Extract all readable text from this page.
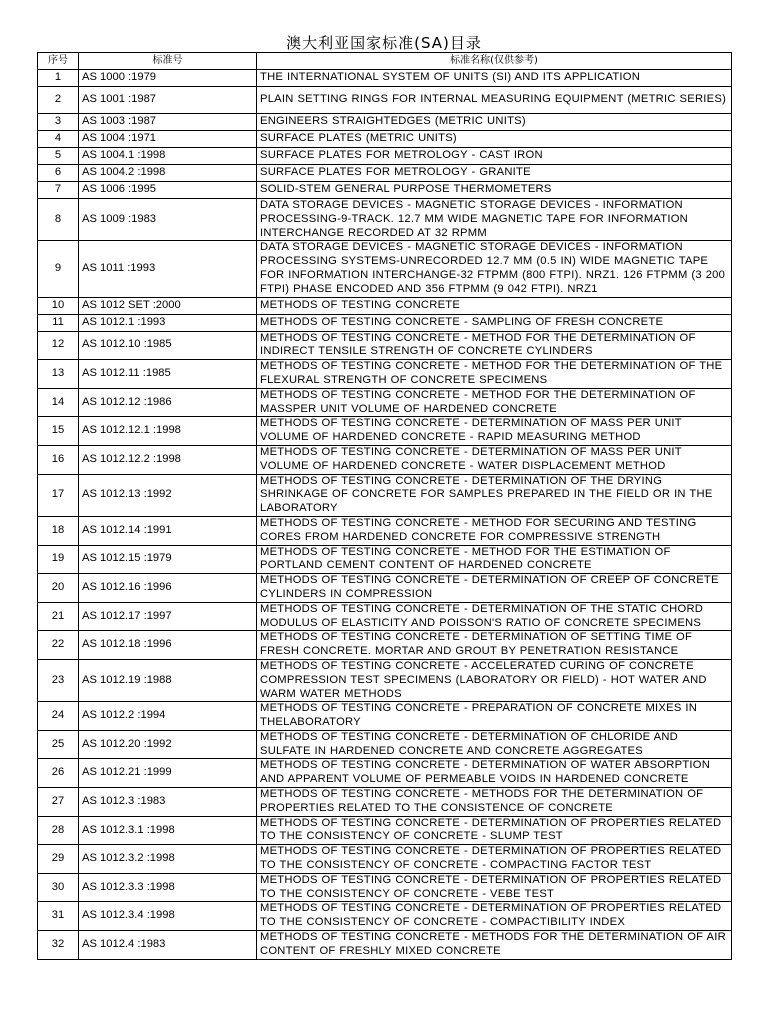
澳大利亚国家标准(SA)目录
序号	标准号	标准名称(仅供参考)
1	AS 1000 :1979	THE INTERNATIONAL SYSTEM OF UNITS (SI) AND ITS APPLICATION
2	AS 1001 :1987	PLAIN SETTING RINGS FOR INTERNAL MEASURING EQUIPMENT (METRIC SERIES)
3	AS 1003 :1987	ENGINEERS STRAIGHTEDGES (METRIC UNITS)
4	AS 1004 :1971	SURFACE PLATES (METRIC UNITS)
5	AS 1004.1 :1998	SURFACE PLATES FOR METROLOGY - CAST IRON
6	AS 1004.2 :1998	SURFACE PLATES FOR METROLOGY - GRANITE
7	AS 1006 :1995	SOLID-STEM GENERAL PURPOSE THERMOMETERS
8	AS 1009 :1983	DATA STORAGE DEVICES - MAGNETIC STORAGE DEVICES - INFORMATION PROCESSING-9-TRACK. 12.7 MM WIDE MAGNETIC TAPE FOR INFORMATION INTERCHANGE RECORDED AT 32 RPMM
9	AS 1011 :1993	DATA STORAGE DEVICES - MAGNETIC STORAGE DEVICES - INFORMATION PROCESSING SYSTEMS-UNRECORDED 12.7 MM (0.5 IN) WIDE MAGNETIC TAPE FOR INFORMATION INTERCHANGE-32 FTPMM (800 FTPI). NRZ1. 126 FTPMM (3 200 FTPI) PHASE ENCODED AND 356 FTPMM (9 042 FTPI). NRZ1
10	AS 1012 SET :2000	METHODS OF TESTING CONCRETE
11	AS 1012.1 :1993	METHODS OF TESTING CONCRETE - SAMPLING OF FRESH CONCRETE
12	AS 1012.10 :1985	METHODS OF TESTING CONCRETE - METHOD FOR THE DETERMINATION OF INDIRECT TENSILE STRENGTH OF CONCRETE CYLINDERS
13	AS 1012.11 :1985	METHODS OF TESTING CONCRETE - METHOD FOR THE DETERMINATION OF THE FLEXURAL STRENGTH OF CONCRETE SPECIMENS
14	AS 1012.12 :1986	METHODS OF TESTING CONCRETE - METHOD FOR THE DETERMINATION OF MASSPER UNIT VOLUME OF HARDENED CONCRETE
15	AS 1012.12.1 :1998	METHODS OF TESTING CONCRETE - DETERMINATION OF MASS PER UNIT VOLUME OF HARDENED CONCRETE - RAPID MEASURING METHOD
16	AS 1012.12.2 :1998	METHODS OF TESTING CONCRETE - DETERMINATION OF MASS PER UNIT VOLUME OF HARDENED CONCRETE - WATER DISPLACEMENT METHOD
17	AS 1012.13 :1992	METHODS OF TESTING CONCRETE - DETERMINATION OF THE DRYING SHRINKAGE OF CONCRETE FOR SAMPLES PREPARED IN THE FIELD OR IN THE LABORATORY
18	AS 1012.14 :1991	METHODS OF TESTING CONCRETE - METHOD FOR SECURING AND TESTING CORES FROM HARDENED CONCRETE FOR COMPRESSIVE STRENGTH
19	AS 1012.15 :1979	METHODS OF TESTING CONCRETE - METHOD FOR THE ESTIMATION OF PORTLAND CEMENT CONTENT OF HARDENED CONCRETE
20	AS 1012.16 :1996	METHODS OF TESTING CONCRETE - DETERMINATION OF CREEP OF CONCRETE CYLINDERS IN COMPRESSION
21	AS 1012.17 :1997	METHODS OF TESTING CONCRETE - DETERMINATION OF THE STATIC CHORD MODULUS OF ELASTICITY AND POISSON'S RATIO OF CONCRETE SPECIMENS
22	AS 1012.18 :1996	METHODS OF TESTING CONCRETE - DETERMINATION OF SETTING TIME OF FRESH CONCRETE. MORTAR AND GROUT BY PENETRATION RESISTANCE
23	AS 1012.19 :1988	METHODS OF TESTING CONCRETE - ACCELERATED CURING OF CONCRETE COMPRESSION TEST SPECIMENS (LABORATORY OR FIELD) - HOT WATER AND WARM WATER METHODS
24	AS 1012.2 :1994	METHODS OF TESTING CONCRETE - PREPARATION OF CONCRETE MIXES IN THELABORATORY
25	AS 1012.20 :1992	METHODS OF TESTING CONCRETE - DETERMINATION OF CHLORIDE AND SULFATE IN HARDENED CONCRETE AND CONCRETE AGGREGATES
26	AS 1012.21 :1999	METHODS OF TESTING CONCRETE - DETERMINATION OF WATER ABSORPTION AND APPARENT VOLUME OF PERMEABLE VOIDS IN HARDENED CONCRETE
27	AS 1012.3 :1983	METHODS OF TESTING CONCRETE - METHODS FOR THE DETERMINATION OF PROPERTIES RELATED TO THE CONSISTENCE OF CONCRETE
28	AS 1012.3.1 :1998	METHODS OF TESTING CONCRETE - DETERMINATION OF PROPERTIES RELATED TO THE CONSISTENCY OF CONCRETE - SLUMP TEST
29	AS 1012.3.2 :1998	METHODS OF TESTING CONCRETE - DETERMINATION OF PROPERTIES RELATED TO THE CONSISTENCY OF CONCRETE - COMPACTING FACTOR TEST
30	AS 1012.3.3 :1998	METHODS OF TESTING CONCRETE - DETERMINATION OF PROPERTIES RELATED TO THE CONSISTENCY OF CONCRETE - VEBE TEST
31	AS 1012.3.4 :1998	METHODS OF TESTING CONCRETE - DETERMINATION OF PROPERTIES RELATED TO THE CONSISTENCY OF CONCRETE - COMPACTIBILITY INDEX
32	AS 1012.4 :1983	METHODS OF TESTING CONCRETE - METHODS FOR THE DETERMINATION OF AIR CONTENT OF FRESHLY MIXED CONCRETE
